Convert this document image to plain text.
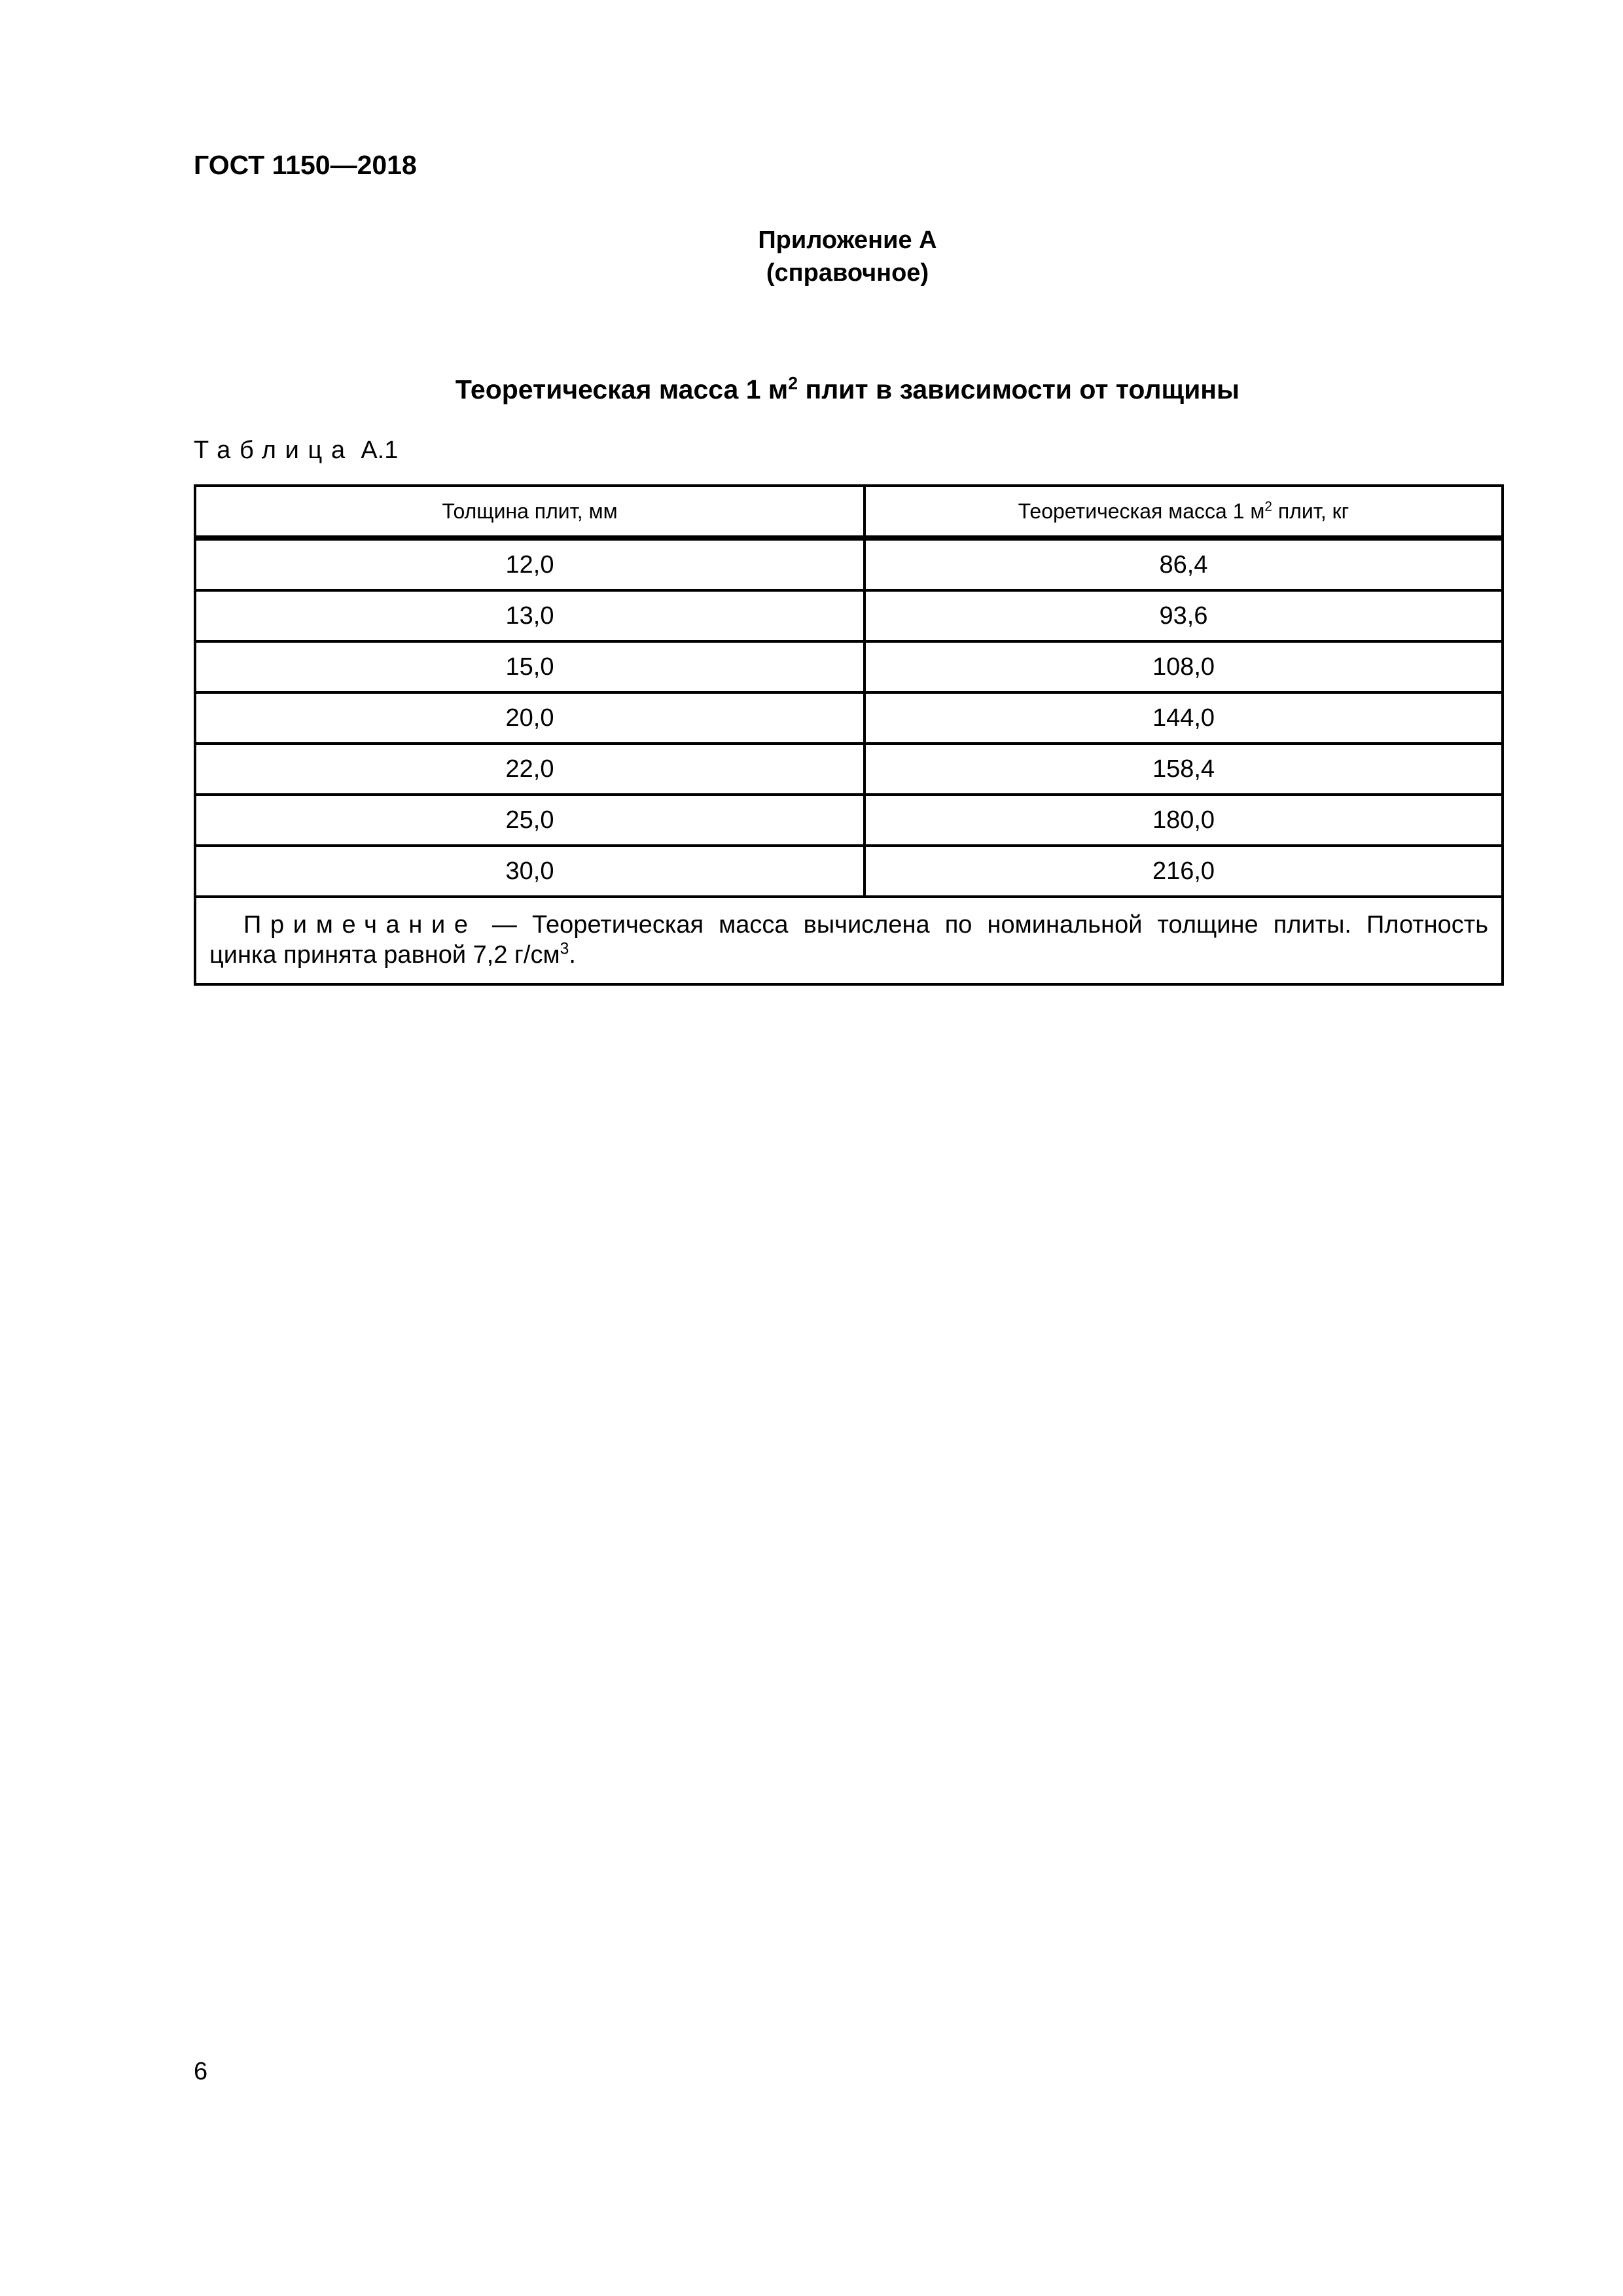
ГОСТ 1150—2018
Приложение А
(справочное)
Теоретическая масса 1 $м^2$ плит в зависимости от толщины
Таблица А.1
Толщина плит, мм	Теоретическая масса 1 $м^2$ плит, кг
12,0	86,4
13,0	93,6
15,0	108,0
20,0	144,0
22,0	158,4
25,0	180,0
30,0	216,0
Примечание — Теоретическая масса вычислена по номинальной толщине плиты. Плотность цинка принята равной 7,2 $г/см^3$.	
6
